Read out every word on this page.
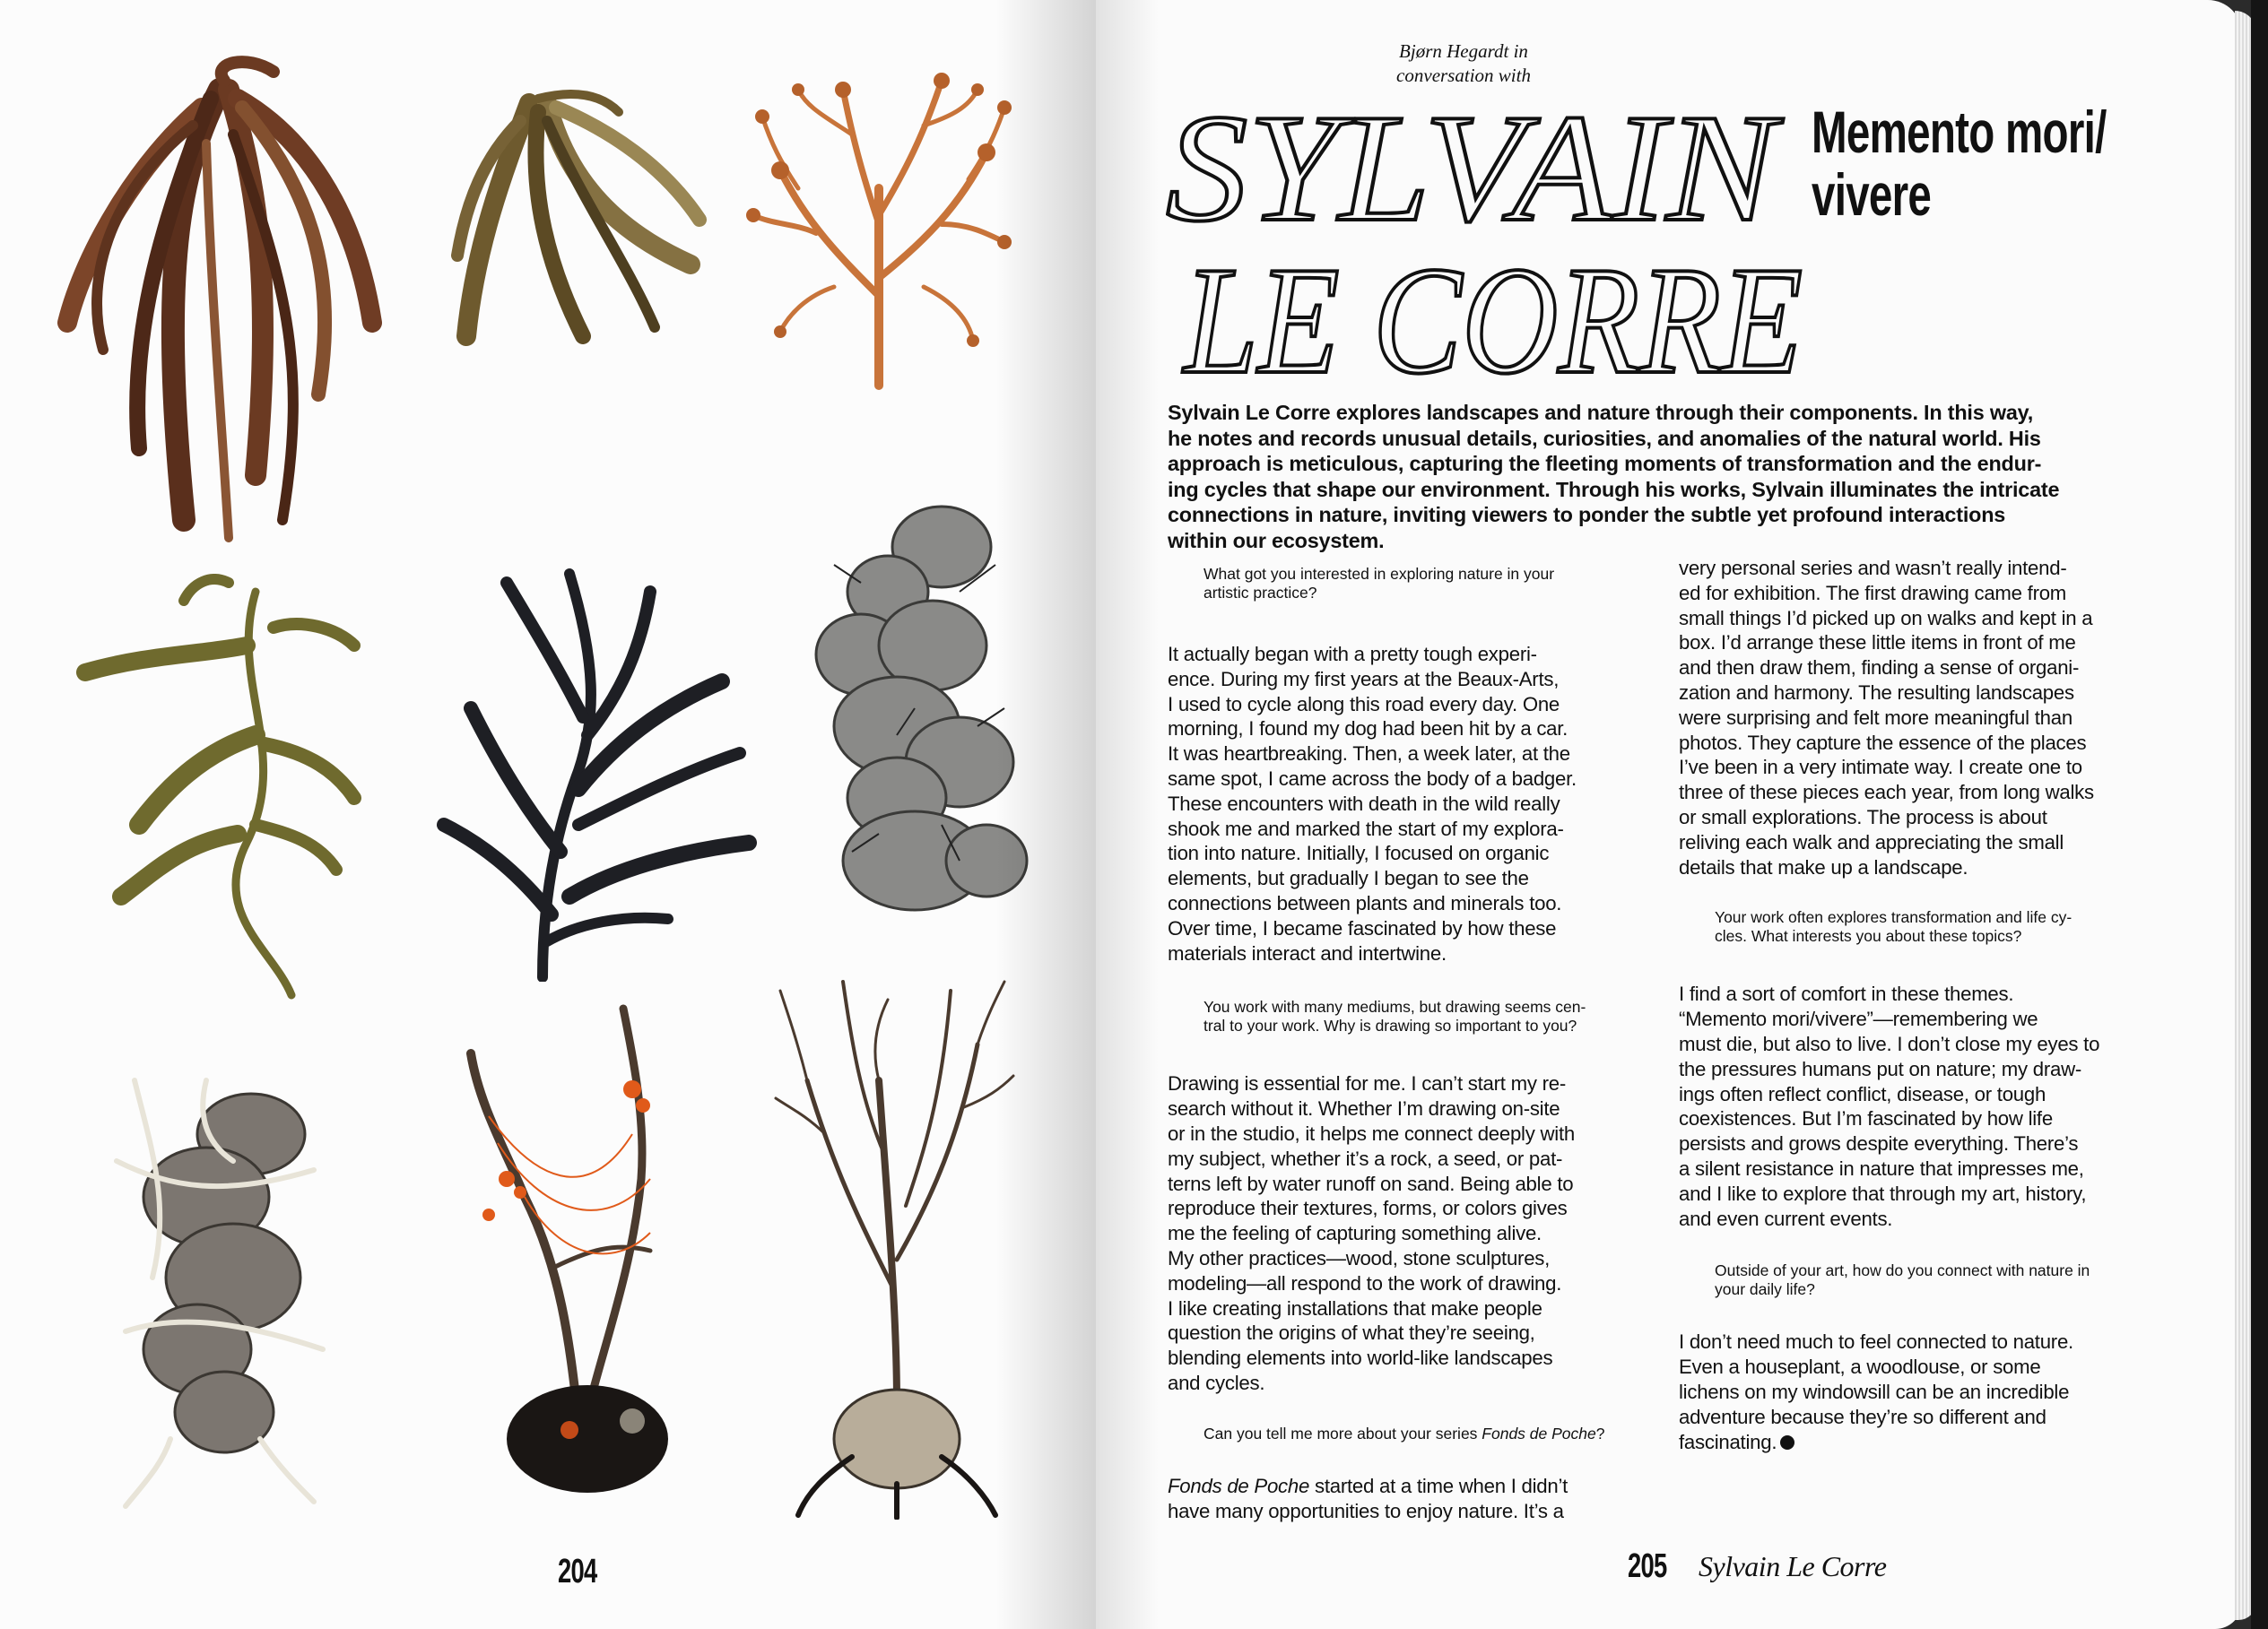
204
Bjørn Hegardt in
conversation with
SYLVAIN
LE CORRE
Memento mori/
vivere
Sylvain Le Corre explores landscapes and nature through their components. In this way,
he notes and records unusual details, curiosities, and anomalies of the natural world. His
approach is meticulous, capturing the fleeting moments of transformation and the endur-
ing cycles that shape our environment. Through his works, Sylvain illuminates the intricate
connections in nature, inviting viewers to ponder the subtle yet profound interactions
within our ecosystem.
What got you interested in exploring nature in your
artistic practice?
It actually began with a pretty tough experi-
ence. During my first years at the Beaux-Arts,
I used to cycle along this road every day. One
morning, I found my dog had been hit by a car.
It was heartbreaking. Then, a week later, at the
same spot, I came across the body of a badger.
These encounters with death in the wild really
shook me and marked the start of my explora-
tion into nature. Initially, I focused on organic
elements, but gradually I began to see the
connections between plants and minerals too.
Over time, I became fascinated by how these
materials interact and intertwine.
You work with many mediums, but drawing seems cen-
tral to your work. Why is drawing so important to you?
Drawing is essential for me. I can’t start my re-
search without it. Whether I’m drawing on-site
or in the studio, it helps me connect deeply with
my subject, whether it’s a rock, a seed, or pat-
terns left by water runoff on sand. Being able to
reproduce their textures, forms, or colors gives
me the feeling of capturing something alive.
My other practices—wood, stone sculptures,
modeling—all respond to the work of drawing.
I like creating installations that make people
question the origins of what they’re seeing,
blending elements into world-like landscapes
and cycles.
Can you tell me more about your series Fonds de Poche?
Fonds de Poche started at a time when I didn’t
have many opportunities to enjoy nature. It’s a
very personal series and wasn’t really intend-
ed for exhibition. The first drawing came from
small things I’d picked up on walks and kept in a
box. I’d arrange these little items in front of me
and then draw them, finding a sense of organi-
zation and harmony. The resulting landscapes
were surprising and felt more meaningful than
photos. They capture the essence of the places
I’ve been in a very intimate way. I create one to
three of these pieces each year, from long walks
or small explorations. The process is about
reliving each walk and appreciating the small
details that make up a landscape.
Your work often explores transformation and life cy-
cles. What interests you about these topics?
I find a sort of comfort in these themes.
“Memento mori/vivere”—remembering we
must die, but also to live. I don’t close my eyes to
the pressures humans put on nature; my draw-
ings often reflect conflict, disease, or tough
coexistences. But I’m fascinated by how life
persists and grows despite everything. There’s
a silent resistance in nature that impresses me,
and I like to explore that through my art, history,
and even current events.
Outside of your art, how do you connect with nature in
your daily life?
I don’t need much to feel connected to nature.
Even a houseplant, a woodlouse, or some
lichens on my windowsill can be an incredible
adventure because they’re so different and
fascinating.
205 Sylvain Le Corre
